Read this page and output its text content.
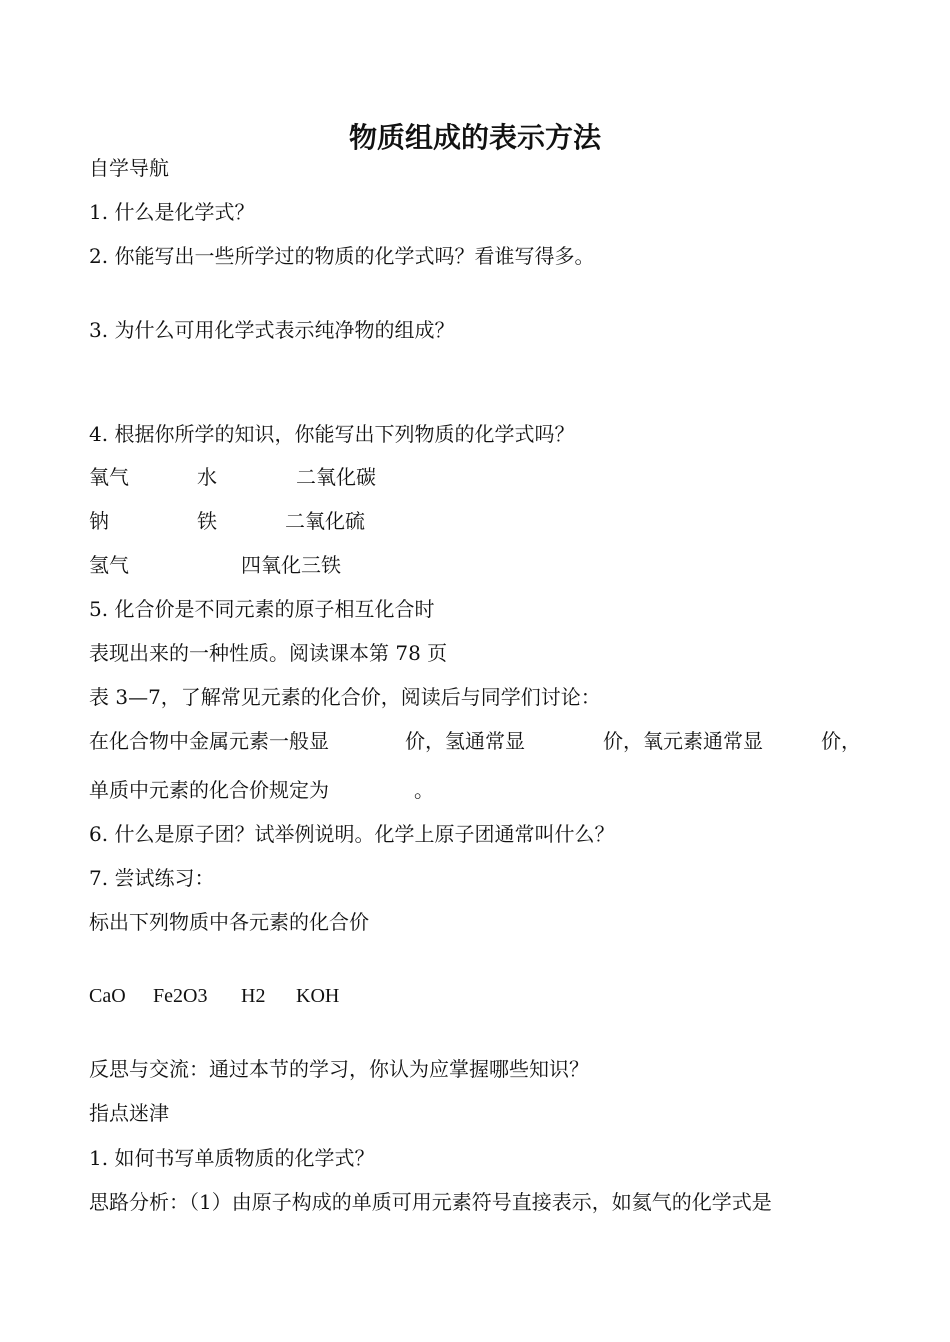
物质组成的表示方法

自学导航

1. 什么是化学式？

2. 你能写出一些所学过的物质的化学式吗？看谁写得多。

3. 为什么可用化学式表示纯净物的组成？

4. 根据你所学的知识，你能写出下列物质的化学式吗？

氧气	水	二氧化碳
钠	铁	二氧化硫
氢气	四氧化三铁

5. 化合价是不同元素的原子相互化合时

表现出来的一种性质。阅读课本第 78 页

表 3—7，了解常见元素的化合价，阅读后与同学们讨论：

在化合物中金属元素一般显	价，氢通常显	价，氧元素通常显	价，
单质中元素的化合价规定为	。

6. 什么是原子团？试举例说明。化学上原子团通常叫什么？

7. 尝试练习：

标出下列物质中各元素的化合价

CaO Fe2O3 H2 KOH

反思与交流：通过本节的学习，你认为应掌握哪些知识？

指点迷津

1. 如何书写单质物质的化学式？

思路分析：（1）由原子构成的单质可用元素符号直接表示，如氦气的化学式是
